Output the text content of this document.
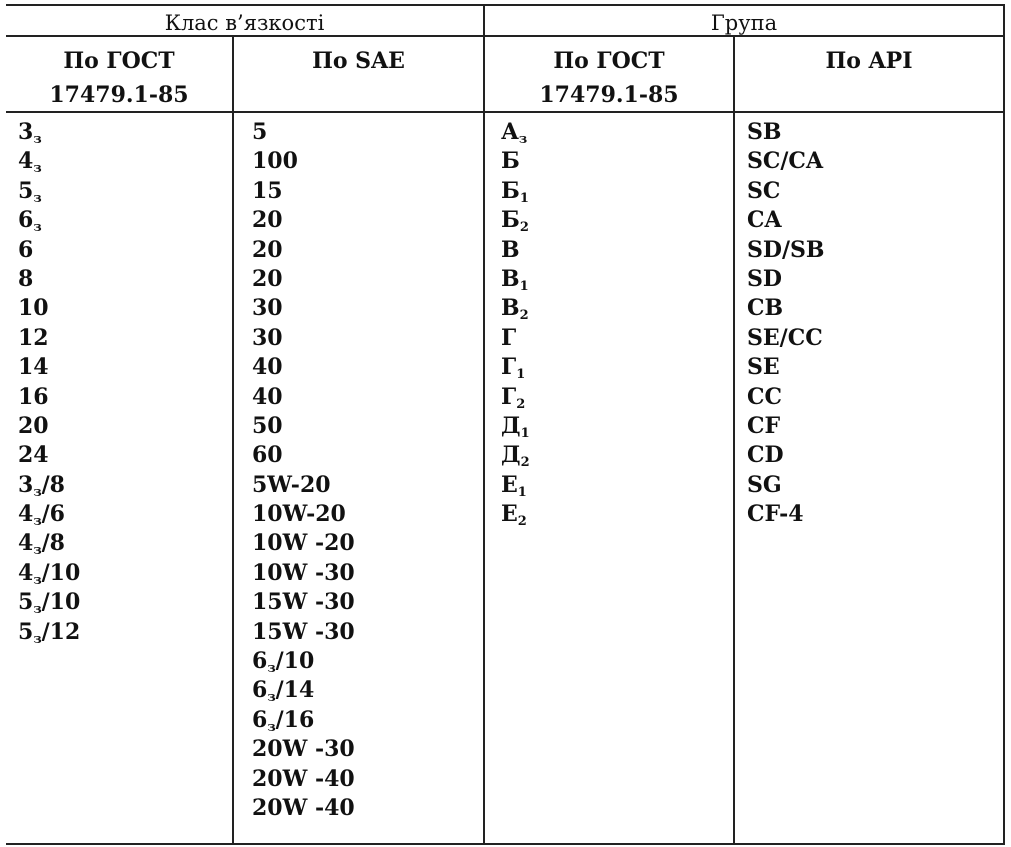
Клас в’язкості	Група
По ГОСТ
17479.1-85
По SAE	По ГОСТ
17479.1-85
По API
$3_з$
$4_з$
$5_з$
$6_з$
6
8
10
12
14
16
20
24
$3_з/8$
$4_з/6$
$4_з/8$
$4_з/10$
$5_з/10$
$5_з/12$
5
100
15
20
20
20
30
30
40
40
50
60
5W-20
10W-20
10W -20
10W -30
15W -30
15W -30
$6_з/10$
$6_з/14$
$6_з/16$
20W -30
20W -40
20W -40
$А_з$
Б
$Б_1$
$Б_2$
В
$В_1$
$В_2$
Г
$Г_1$
$Г_2$
$Д_1$
$Д_2$
$Е_1$
$Е_2$
SB
SC/CA
SC
CA
SD/SB
SD
CB
SE/CC
SE
CC
CF
CD
SG
CF-4
